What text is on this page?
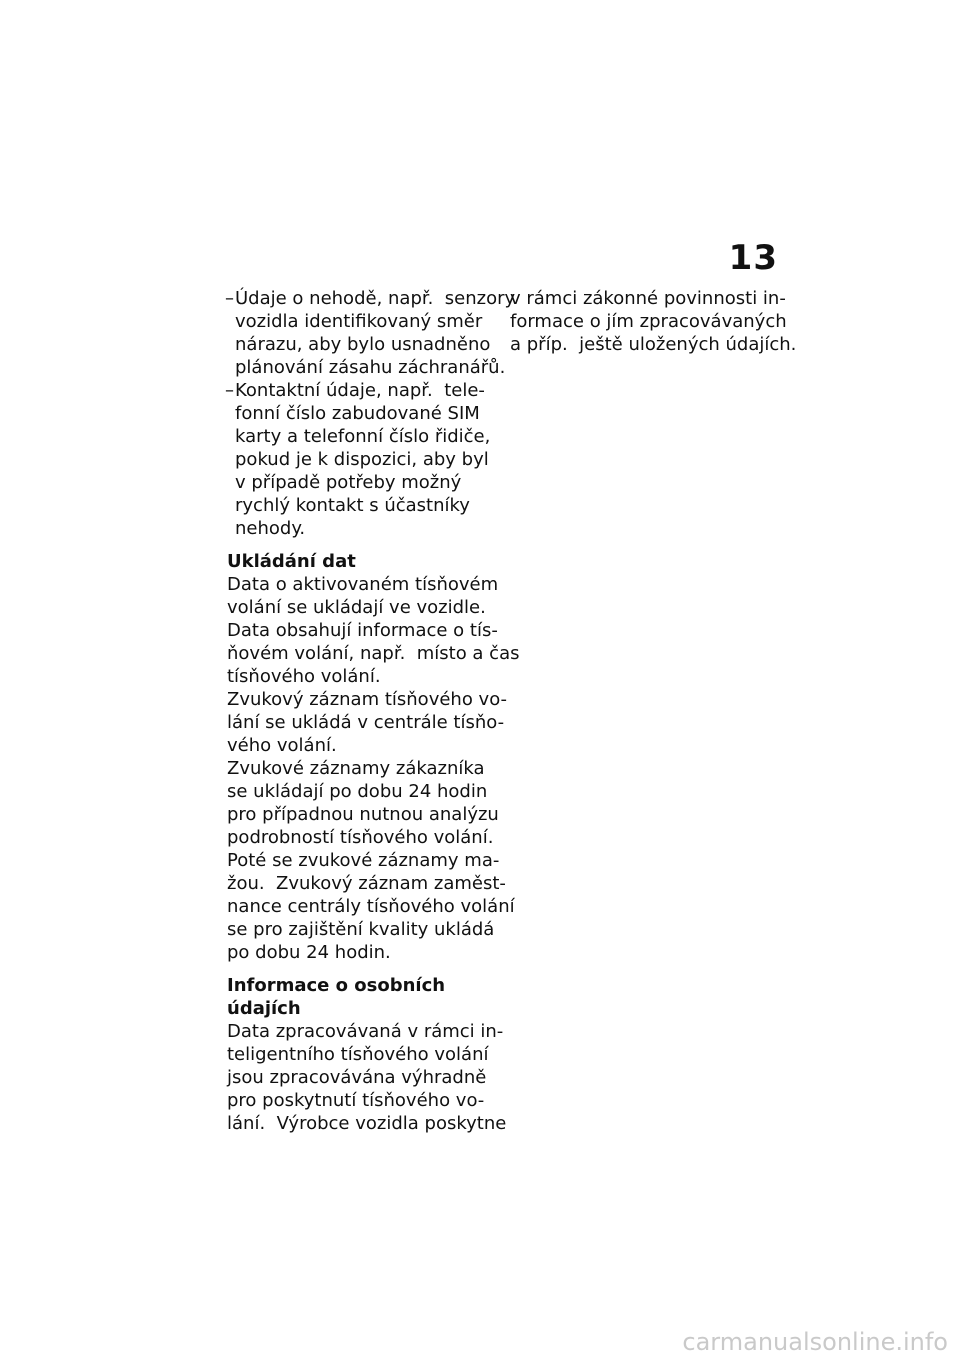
13
– Údaje o nehodě, např.  senzory
vozidla identifikovaný směr
nárazu, aby bylo usnadněno
plánování zásahu záchranářů.
– Kontaktní údaje, např.  tele-
fonní číslo zabudované SIM
karty a telefonní číslo řidiče,
pokud je k dispozici, aby byl
v případě potřeby možný
rychlý kontakt s účastníky
nehody.
Ukládání dat
Data o aktivovaném tísňovém
volání se ukládají ve vozidle.
Data obsahují informace o tís-
ňovém volání, např.  místo a čas
tísňového volání.
Zvukový záznam tísňového vo-
lání se ukládá v centrále tísňo-
vého volání.
Zvukové záznamy zákazníka
se ukládají po dobu 24 hodin
pro případnou nutnou analýzu
podrobností tísňového volání.
Poté se zvukové záznamy ma-
žou.  Zvukový záznam zaměst-
nance centrály tísňového volání
se pro zajištění kvality ukládá
po dobu 24 hodin.
Informace o osobních údajích
Data zpracovávaná v rámci in-
teligentního tísňového volání
jsou zpracovávána výhradně
pro poskytnutí tísňového vo-
lání.  Výrobce vozidla poskytne
v rámci zákonné povinnosti in-
formace o jím zpracovávaných
a příp.  ještě uložených údajích.
carmanualsonline.info
